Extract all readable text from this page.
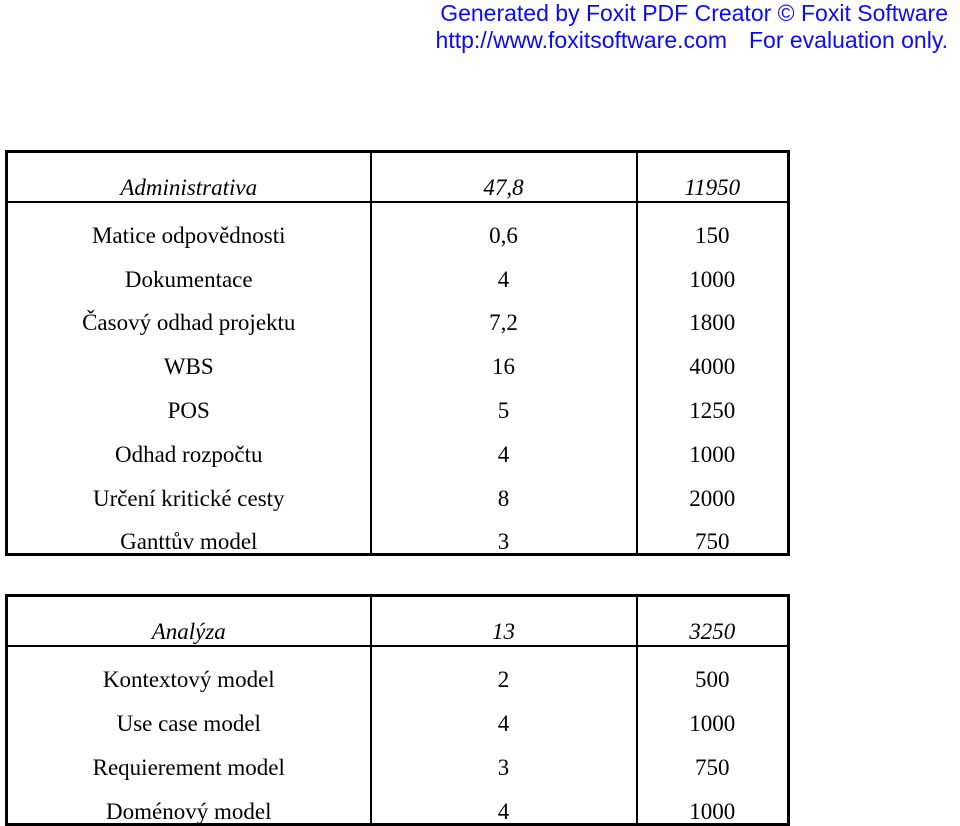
Generated by Foxit PDF Creator © Foxit Software
http://www.foxitsoftware.com For evaluation only.
Administrativa	47,8	11950
Matice odpovědnosti	0,6	150
Dokumentace	4	1000
Časový odhad projektu	7,2	1800
WBS	16	4000
POS	5	1250
Odhad rozpočtu	4	1000
Určení kritické cesty	8	2000
Ganttův model	3	750
Analýza	13	3250
Kontextový model	2	500
Use case model	4	1000
Requierement model	3	750
Doménový model	4	1000
